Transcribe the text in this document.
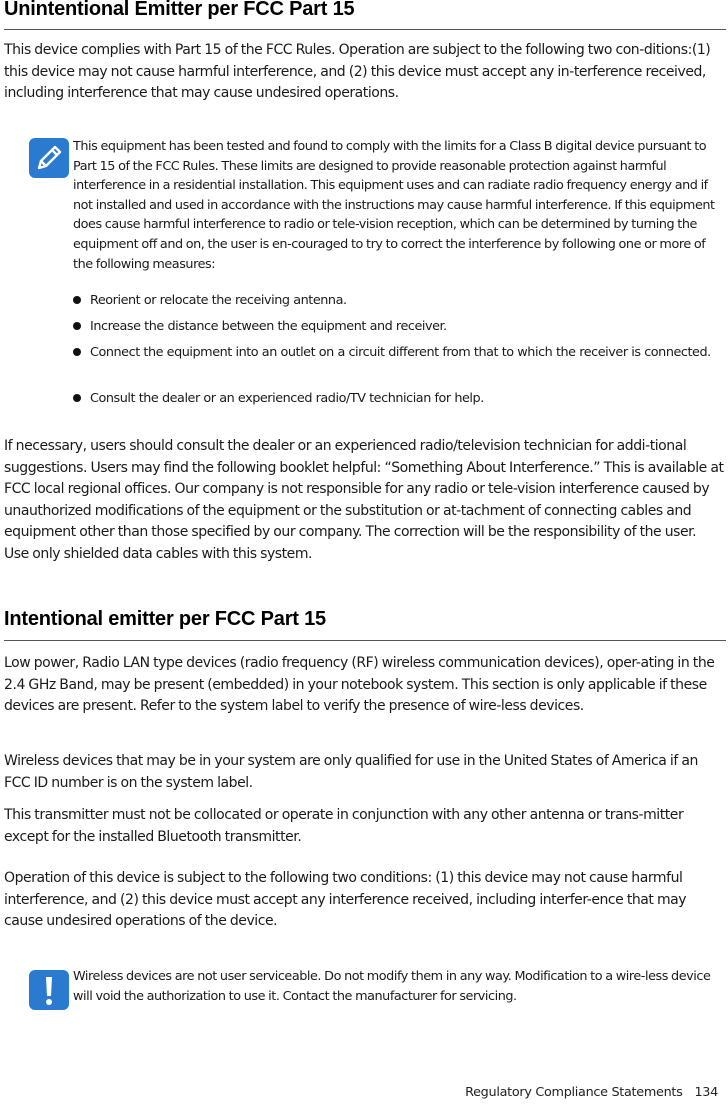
Unintentional Emitter per FCC Part 15
This device complies with Part 15 of the FCC Rules. Operation are subject to the following two con-ditions:(1) this device may not cause harmful interference, and (2) this device must accept any in-terference received, including interference that may cause undesired operations.
This equipment has been tested and found to comply with the limits for a Class B digital device pursuant to Part 15 of the FCC Rules. These limits are designed to provide reasonable protection against harmful interference in a residential installation. This equipment uses and can radiate radio frequency energy and if not installed and used in accordance with the instructions may cause harmful interference. If this equipment does cause harmful interference to radio or tele-vision reception, which can be determined by turning the equipment off and on, the user is en-couraged to try to correct the interference by following one or more of the following measures:
Reorient or relocate the receiving antenna.
Increase the distance between the equipment and receiver.
Connect the equipment into an outlet on a circuit different from that to which the receiver is connected.
Consult the dealer or an experienced radio/TV technician for help.
If necessary, users should consult the dealer or an experienced radio/television technician for addi-tional suggestions. Users may find the following booklet helpful: “Something About Interference.” This is available at FCC local regional offices. Our company is not responsible for any radio or tele-vision interference caused by unauthorized modifications of the equipment or the substitution or at-tachment of connecting cables and equipment other than those specified by our company. The correction will be the responsibility of the user. Use only shielded data cables with this system.
Intentional emitter per FCC Part 15
Low power, Radio LAN type devices (radio frequency (RF) wireless communication devices), oper-ating in the 2.4 GHz Band, may be present (embedded) in your notebook system. This section is only applicable if these devices are present. Refer to the system label to verify the presence of wire-less devices.
Wireless devices that may be in your system are only qualified for use in the United States of America if an FCC ID number is on the system label.
This transmitter must not be collocated or operate in conjunction with any other antenna or trans-mitter except for the installed Bluetooth transmitter.
Operation of this device is subject to the following two conditions: (1) this device may not cause harmful interference, and (2) this device must accept any interference received, including interfer-ence that may cause undesired operations of the device.
Wireless devices are not user serviceable. Do not modify them in any way. Modification to a wire-less device will void the authorization to use it. Contact the manufacturer for servicing.
Regulatory Compliance Statements 134
